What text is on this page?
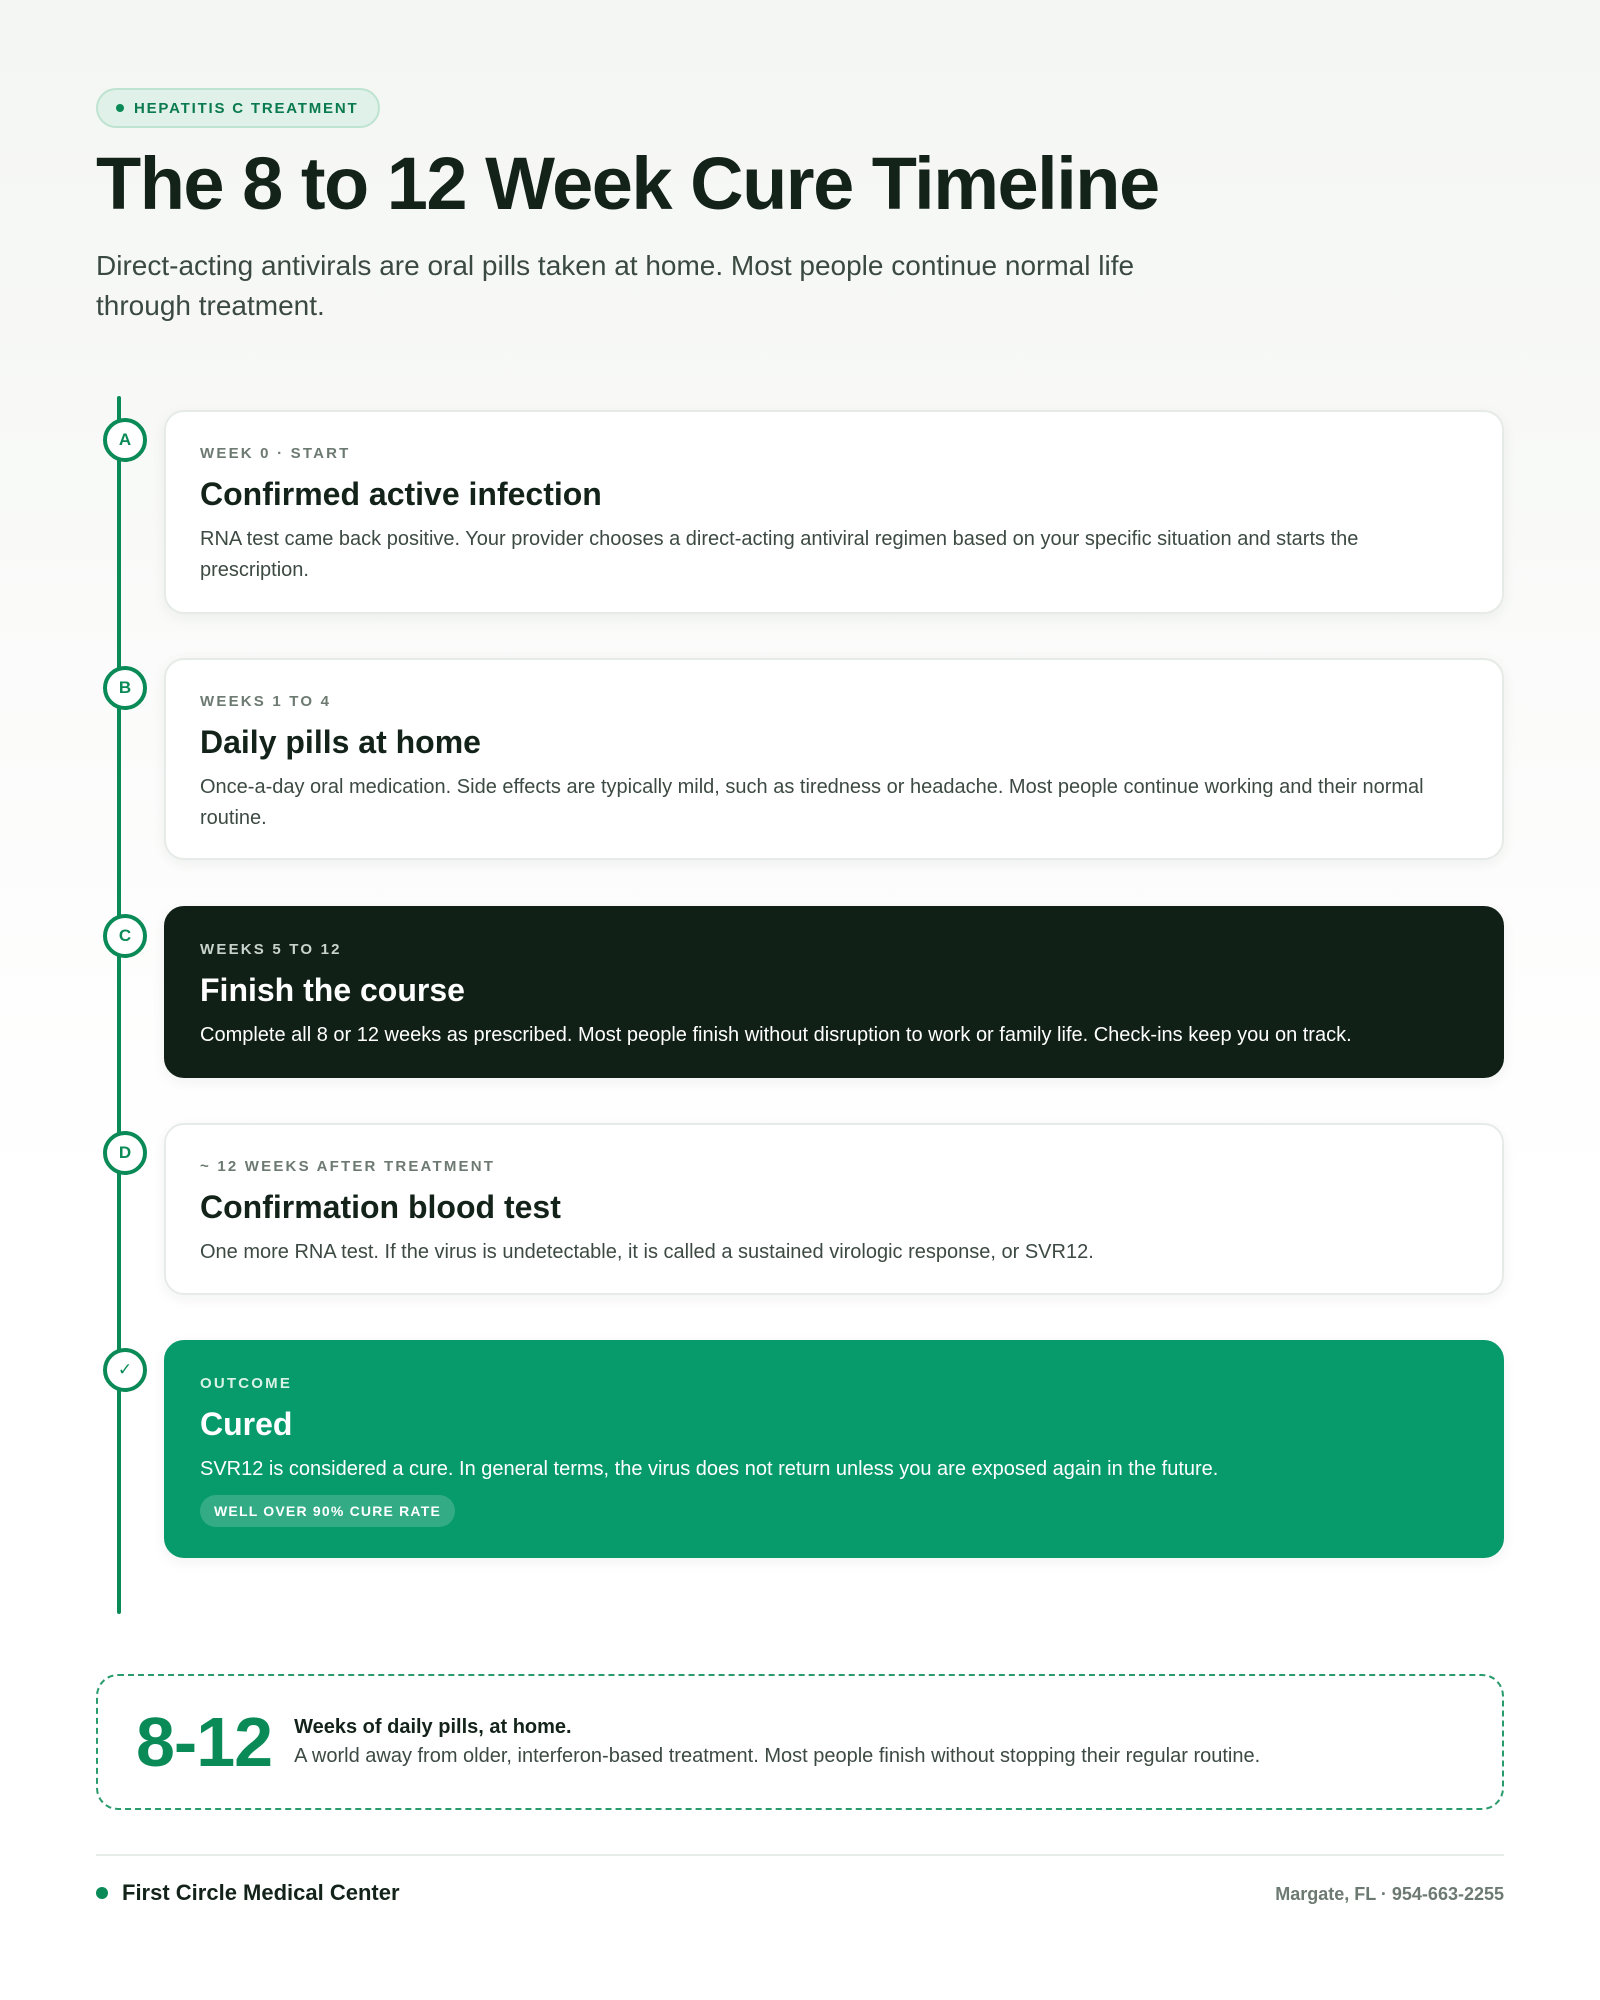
HEPATITIS C TREATMENT
The 8 to 12 Week Cure Timeline

Direct-acting antivirals are oral pills taken at home. Most people continue normal life through treatment.

A
WEEK 0 · START
Confirmed active infection
RNA test came back positive. Your provider chooses a direct-acting antiviral regimen based on your specific situation and starts the prescription.
B
WEEKS 1 TO 4
Daily pills at home
Once-a-day oral medication. Side effects are typically mild, such as tiredness or headache. Most people continue working and their normal routine.
C
WEEKS 5 TO 12
Finish the course
Complete all 8 or 12 weeks as prescribed. Most people finish without disruption to work or family life. Check-ins keep you on track.
D
~ 12 WEEKS AFTER TREATMENT
Confirmation blood test
One more RNA test. If the virus is undetectable, it is called a sustained virologic response, or SVR12.
✓
OUTCOME
Cured
SVR12 is considered a cure. In general terms, the virus does not return unless you are exposed again in the future.
WELL OVER 90% CURE RATE
8-12 Weeks of daily pills, at home.
A world away from older, interferon-based treatment. Most people finish without stopping their regular routine.
First Circle Medical Center	Margate, FL · 954-663-2255
